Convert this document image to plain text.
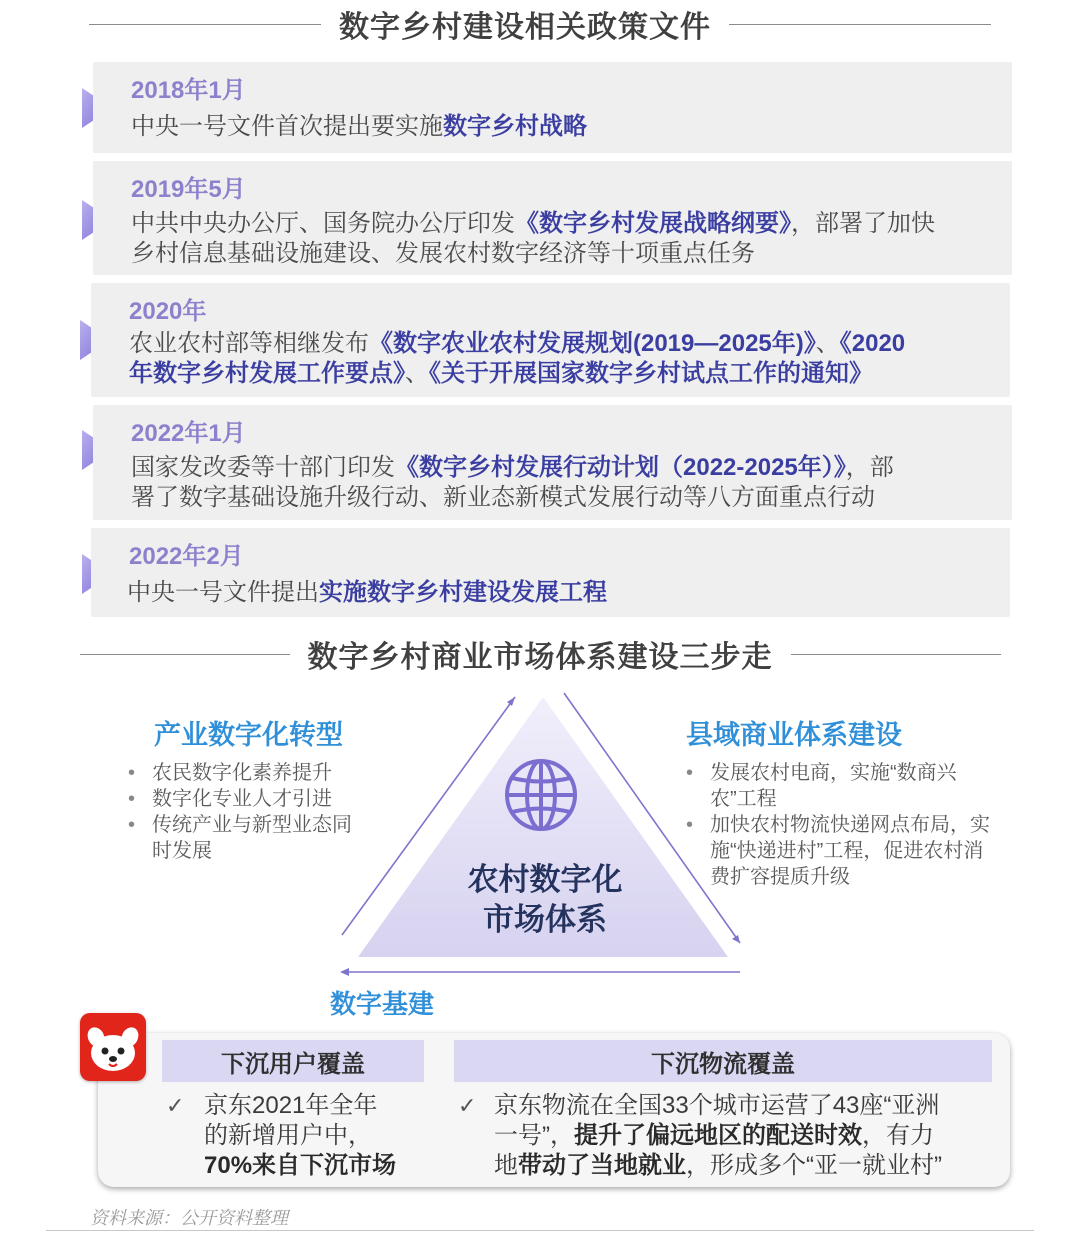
数字乡村建设相关政策文件
2018年1月
中央一号文件首次提出要实施数字乡村战略
2019年5月
中共中央办公厅、国务院办公厅印发《数字乡村发展战略纲要》，部署了加快
乡村信息基础设施建设、发展农村数字经济等十项重点任务
2020年
农业农村部等相继发布《数字农业农村发展规划(2019—2025年)》、《2020
年数字乡村发展工作要点》、《关于开展国家数字乡村试点工作的通知》
2022年1月
国家发改委等十部门印发《数字乡村发展行动计划（2022-2025年）》，部
署了数字基础设施升级行动、新业态新模式发展行动等八方面重点行动
2022年2月
中央一号文件提出实施数字乡村建设发展工程
数字乡村商业市场体系建设三步走
农村数字化
市场体系
产业数字化转型
• 农民数字化素养提升
• 数字化专业人才引进
• 传统产业与新型业态同时发展
县域商业体系建设
• 发展农村电商，实施“数商兴农”工程
• 加快农村物流快递网点布局，实施“快递进村”工程，促进农村消费扩容提质升级
数字基建
下沉用户覆盖	下沉物流覆盖
✓ 京东2021年全年
的新增用户中，
70%来自下沉市场
✓ 京东物流在全国33个城市运营了43座“亚洲
一号”，提升了偏远地区的配送时效，有力
地带动了当地就业，形成多个“亚一就业村”
资料来源：公开资料整理
